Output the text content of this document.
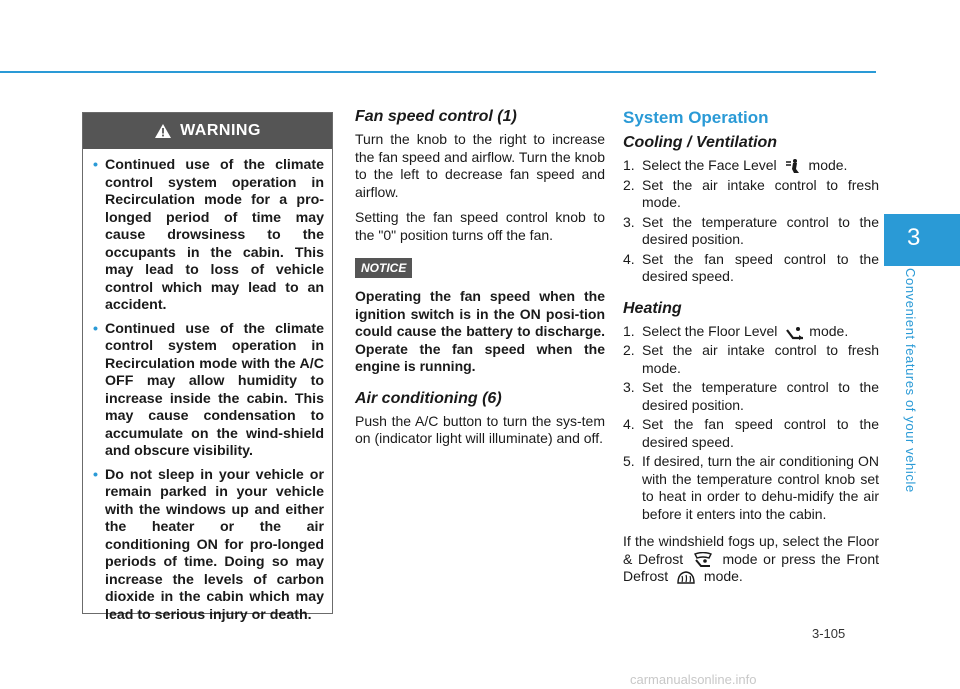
3
Convenient features of your vehicle
WARNING
• Continued use of the climate control system operation in Recirculation mode for a pro-longed period of time may cause drowsiness to the occupants in the cabin. This may lead to loss of vehicle control which may lead to an accident.
• Continued use of the climate control system operation in Recirculation mode with the A/C OFF may allow humidity to increase inside the cabin. This may cause condensation to accumulate on the wind-shield and obscure visibility.
• Do not sleep in your vehicle or remain parked in your vehicle with the windows up and either the heater or the air conditioning ON for pro-longed periods of time. Doing so may increase the levels of carbon dioxide in the cabin which may lead to serious injury or death.
Fan speed control (1)

Turn the knob to the right to increase the fan speed and airflow. Turn the knob to the left to decrease fan speed and airflow.

Setting the fan speed control knob to the "0" position turns off the fan.

NOTICE

Operating the fan speed when the ignition switch is in the ON posi-tion could cause the battery to discharge. Operate the fan speed when the engine is running.

Air conditioning (6)

Push the A/C button to turn the sys-tem on (indicator light will illuminate) and off.

System Operation
Cooling / Ventilation
1. Select the Face Level mode.
2. Set the air intake control to fresh mode.
3. Set the temperature control to the desired position.
4. Set the fan speed control to the desired speed.
Heating
1. Select the Floor Level mode.
2. Set the air intake control to fresh mode.
3. Set the temperature control to the desired position.
4. Set the fan speed control to the desired speed.
5. If desired, turn the air conditioning ON with the temperature control knob set to heat in order to dehu-midify the air before it enters into the cabin.

If the windshield fogs up, select the Floor & Defrost	mode or press the Front Defrost	mode.

3-105
carmanualsonline.info
